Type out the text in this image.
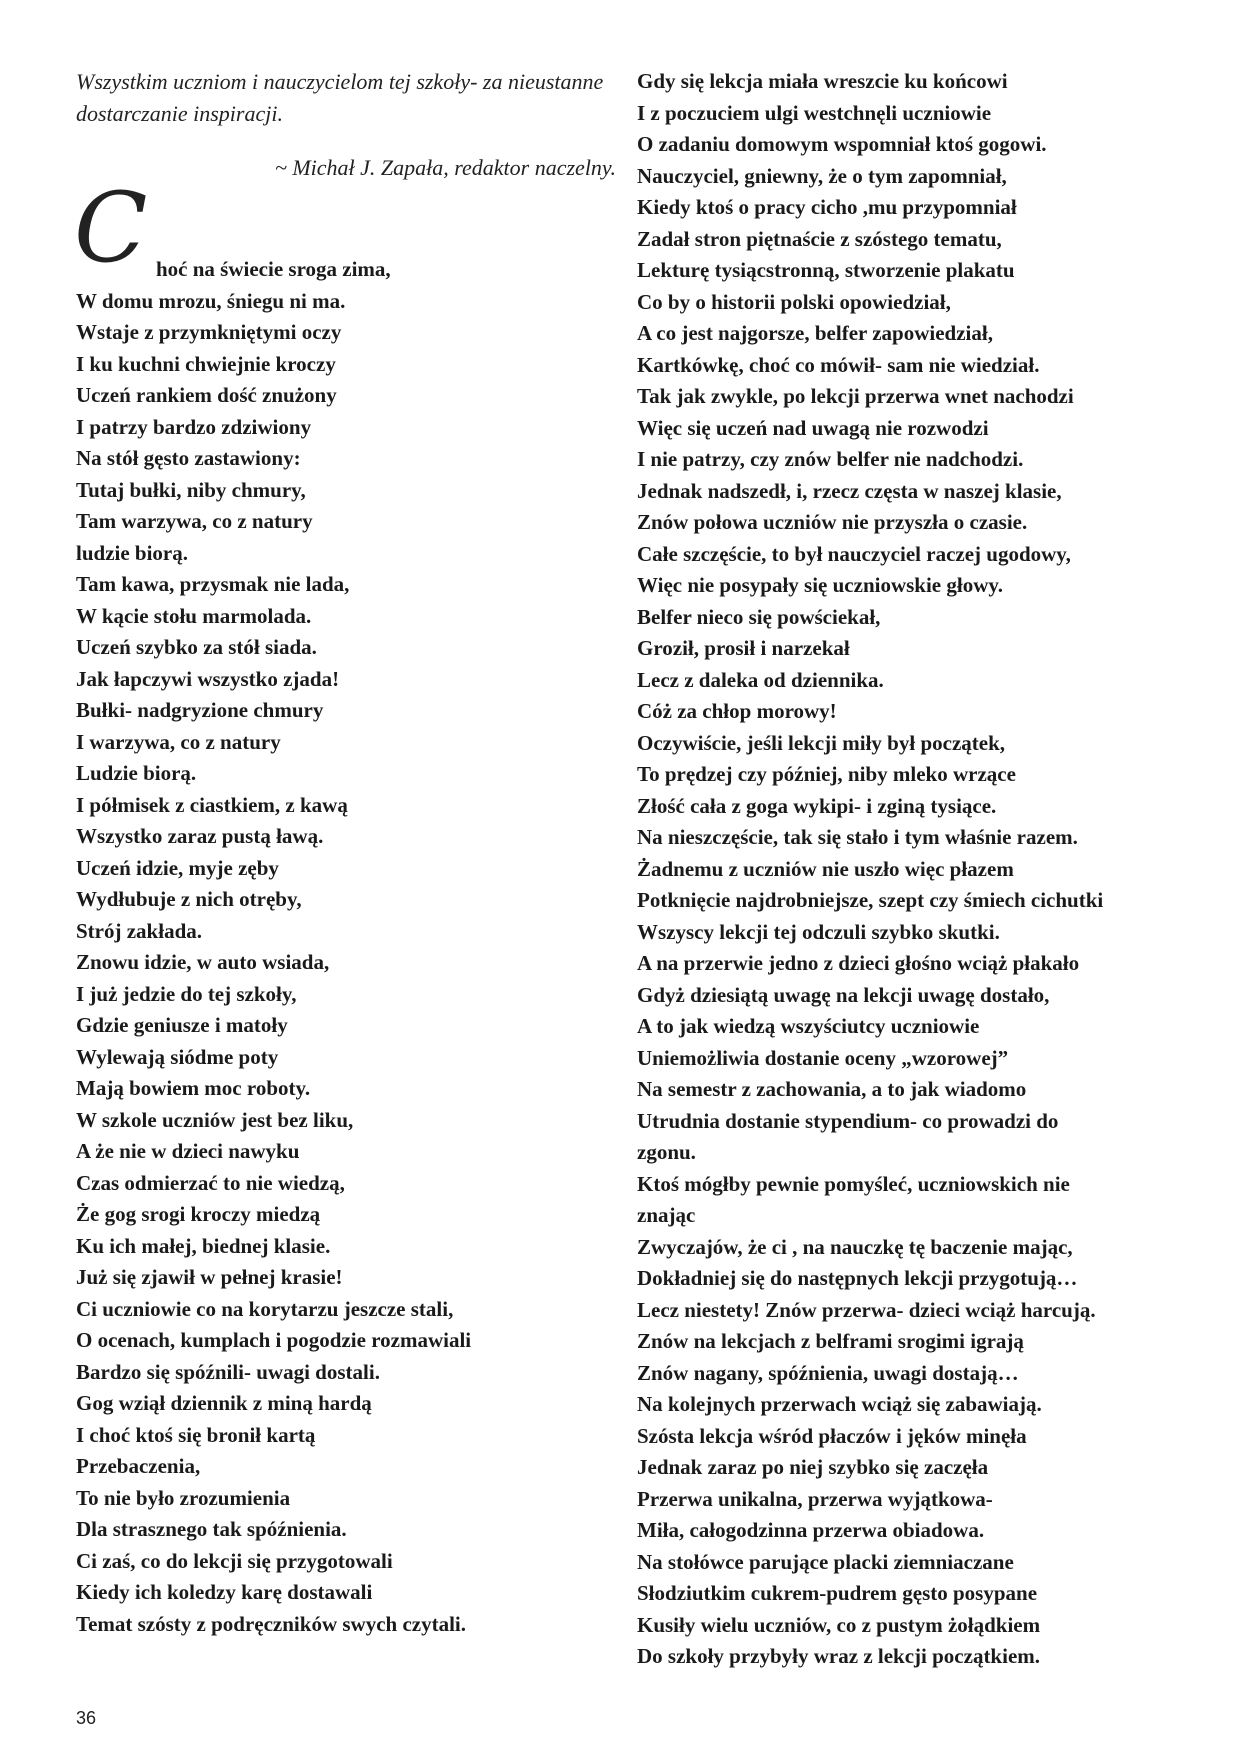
Wszystkim uczniom i nauczycielom tej szkoły- za nieustanne dostarczanie inspiracji.

~ Michał J. Zapała, redaktor naczelny.

C hoć na świecie sroga zima,
W domu mrozu, śniegu ni ma.
Wstaje z przymkniętymi oczy
I ku kuchni chwiejnie kroczy
Uczeń rankiem dość znużony
I patrzy bardzo zdziwiony
Na stół gęsto zastawiony:
Tutaj bułki, niby chmury,
Tam warzywa, co z natury
ludzie biorą.
Tam kawa, przysmak nie lada,
W kącie stołu marmolada.
Uczeń szybko za stół siada.
Jak łapczywi wszystko zjada!
Bułki- nadgryzione chmury
I warzywa, co z natury
Ludzie biorą.
I półmisek z ciastkiem, z kawą
Wszystko zaraz pustą ławą.
Uczeń idzie, myje zęby
Wydłubuje z nich otręby,
Strój zakłada.
Znowu idzie, w auto wsiada,
I już jedzie do tej szkoły,
Gdzie geniusze i matoły
Wylewają siódme poty
Mają bowiem moc roboty.
W szkole uczniów jest bez liku,
A że nie w dzieci nawyku
Czas odmierzać to nie wiedzą,
Że gog srogi kroczy miedzą
Ku ich małej, biednej klasie.
Już się zjawił w pełnej krasie!
Ci uczniowie co na korytarzu jeszcze stali,
O ocenach, kumplach i pogodzie rozmawiali
Bardzo się spóźnili- uwagi dostali.
Gog wziął dziennik z miną hardą
I choć ktoś się bronił kartą
Przebaczenia,
To nie było zrozumienia
Dla strasznego tak spóźnienia.
Ci zaś, co do lekcji się przygotowali
Kiedy ich koledzy karę dostawali
Temat szósty z podręczników swych czytali.
Gdy się lekcja miała wreszcie ku końcowi
I z poczuciem ulgi westchnęli uczniowie
O zadaniu domowym wspomniał ktoś gogowi.
Nauczyciel, gniewny, że o tym zapomniał,
Kiedy ktoś o pracy cicho ,mu przypomniał
Zadał stron piętnaście z szóstego tematu,
Lekturę tysiącstronną, stworzenie plakatu
Co by o historii polski opowiedział,
A co jest najgorsze, belfer zapowiedział,
Kartkówkę, choć co mówił- sam nie wiedział.
Tak jak zwykle, po lekcji przerwa wnet nachodzi
Więc się uczeń nad uwagą nie rozwodzi
I nie patrzy, czy znów belfer nie nadchodzi.
Jednak nadszedł, i, rzecz częsta w naszej klasie,
Znów połowa uczniów nie przyszła o czasie.
Całe szczęście, to był nauczyciel raczej ugodowy,
Więc nie posypały się uczniowskie głowy.
Belfer nieco się powściekał,
Groził, prosił i narzekał
Lecz z daleka od dziennika.
Cóż za chłop morowy!
Oczywiście, jeśli lekcji miły był początek,
To prędzej czy później, niby mleko wrzące
Złość cała z goga wykipi- i zginą tysiące.
Na nieszczęście, tak się stało i tym właśnie razem.
Żadnemu z uczniów nie uszło więc płazem
Potknięcie najdrobniejsze, szept czy śmiech cichutki
Wszyscy lekcji tej odczuli szybko skutki.
A na przerwie jedno z dzieci głośno wciąż płakało
Gdyż dziesiątą uwagę na lekcji uwagę dostało,
A to jak wiedzą wszyściutcy uczniowie
Uniemożliwia dostanie oceny „wzorowej”
Na semestr z zachowania, a to jak wiadomo
Utrudnia dostanie stypendium- co prowadzi do
zgonu.
Ktoś mógłby pewnie pomyśleć, uczniowskich nie
znając
Zwyczajów, że ci , na nauczkę tę baczenie mając,
Dokładniej się do następnych lekcji przygotują…
Lecz niestety! Znów przerwa- dzieci wciąż harcują.
Znów na lekcjach z belframi srogimi igrają
Znów nagany, spóźnienia, uwagi dostają…
Na kolejnych przerwach wciąż się zabawiają.
Szósta lekcja wśród płaczów i jęków minęła
Jednak zaraz po niej szybko się zaczęła
Przerwa unikalna, przerwa wyjątkowa-
Miła, całogodzinna przerwa obiadowa.
Na stołówce parujące placki ziemniaczane
Słodziutkim cukrem-pudrem gęsto posypane
Kusiły wielu uczniów, co z pustym żołądkiem
Do szkoły przybyły wraz z lekcji początkiem.
36
